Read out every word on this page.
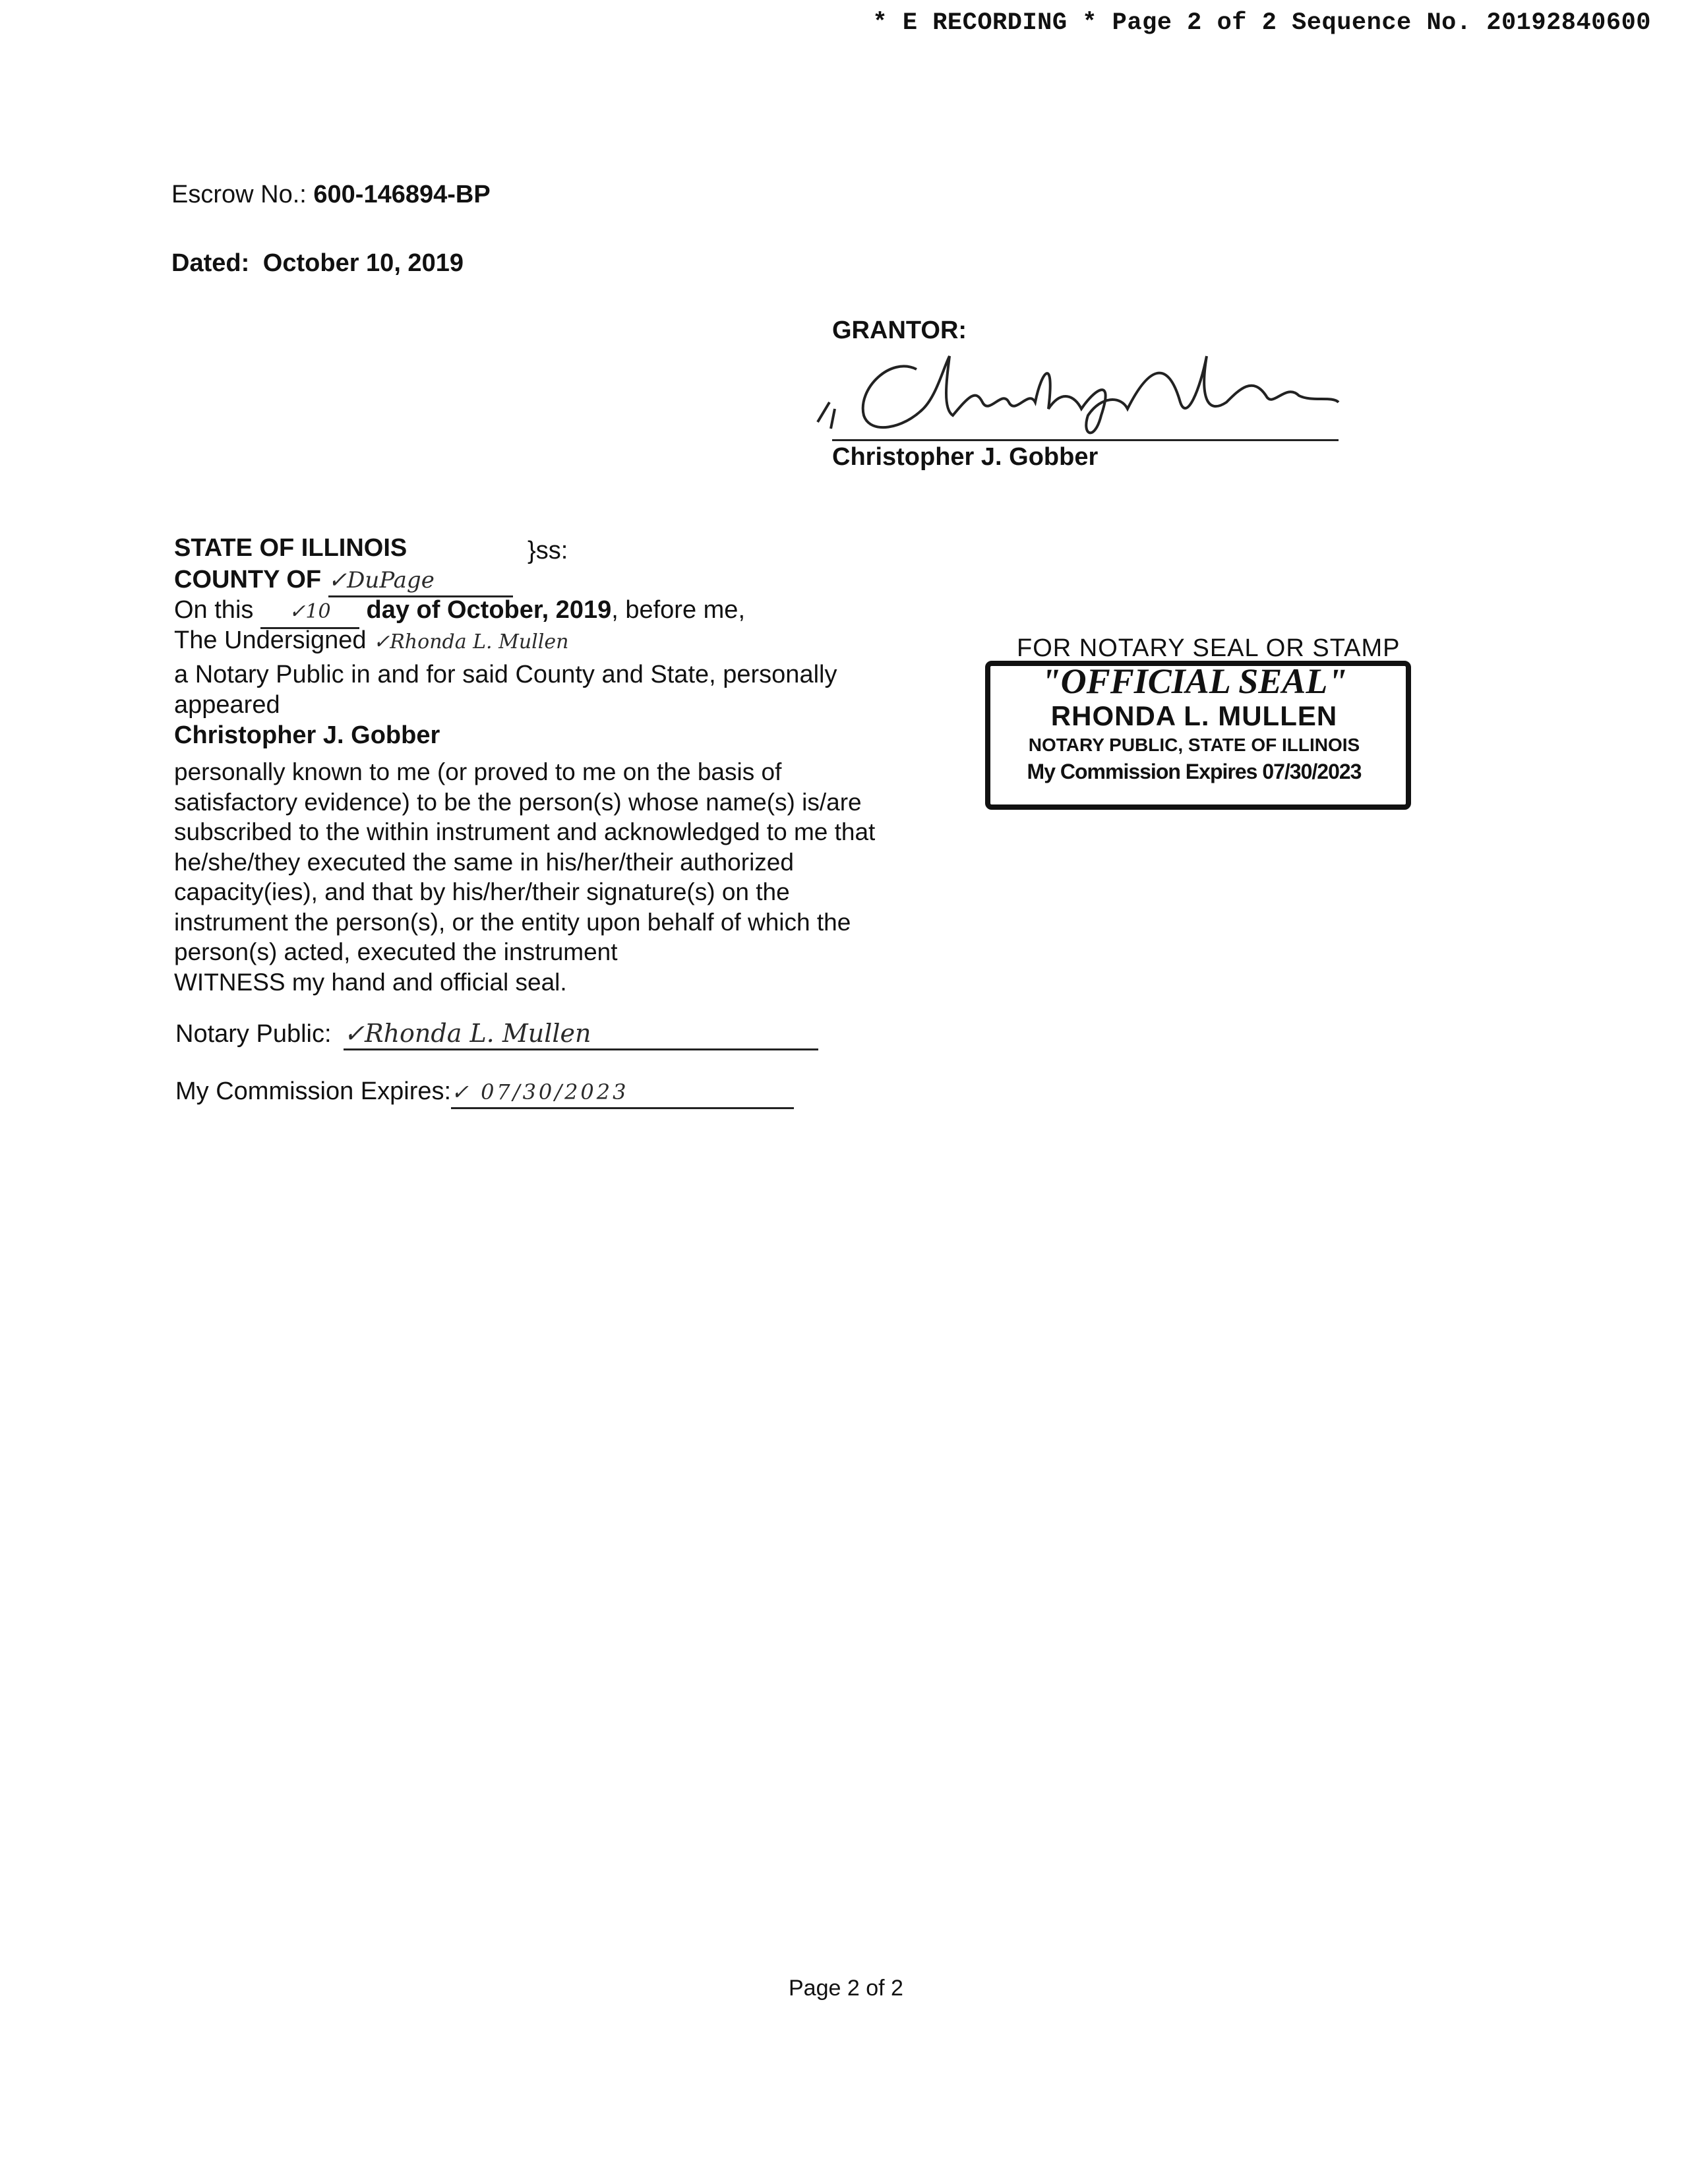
* E RECORDING * Page 2 of 2 Sequence No. 20192840600
Escrow No.: 600-146894-BP
Dated: October 10, 2019
GRANTOR:
Christopher J. Gobber
STATE OF ILLINOIS	}ss:
COUNTY OF ✓DuPage
On this ✓10 day of October, 2019, before me,
The Undersigned ✓Rhonda L. Mullen
a Notary Public in and for said County and State, personally
appeared
Christopher J. Gobber
personally known to me (or proved to me on the basis of
satisfactory evidence) to be the person(s) whose name(s) is/are
subscribed to the within instrument and acknowledged to me that
he/she/they executed the same in his/her/their authorized
capacity(ies), and that by his/her/their signature(s) on the
instrument the person(s), or the entity upon behalf of which the
person(s) acted, executed the instrument
WITNESS my hand and official seal.
Notary Public: ✓Rhonda L. Mullen
My Commission Expires:✓ 07/30/2023
FOR NOTARY SEAL OR STAMP
"OFFICIAL SEAL"
RHONDA L. MULLEN
NOTARY PUBLIC, STATE OF ILLINOIS
My Commission Expires 07/30/2023
Page 2 of 2
